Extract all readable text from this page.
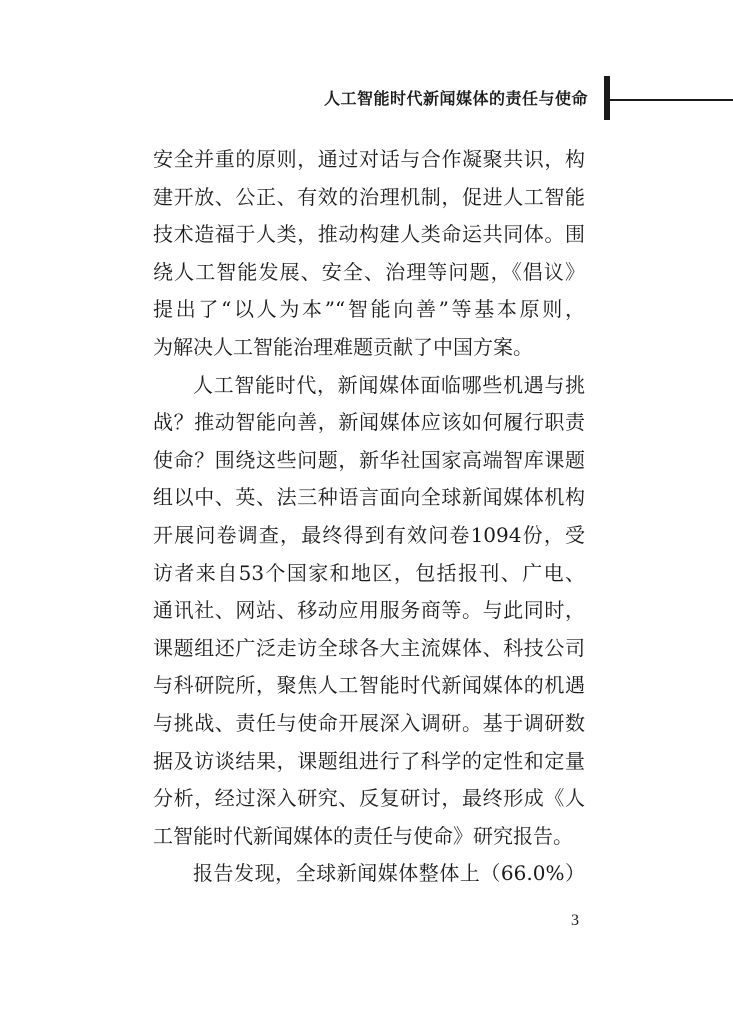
人工智能时代新闻媒体的责任与使命
安全并重的原则，通过对话与合作凝聚共识，构
建开放、公正、有效的治理机制，促进人工智能
技术造福于人类，推动构建人类命运共同体。围
绕人工智能发展、安全、治理等问题，《倡议》
提出了“以人为本”“智能向善”等基本原则，
为解决人工智能治理难题贡献了中国方案。
人工智能时代，新闻媒体面临哪些机遇与挑
战？推动智能向善，新闻媒体应该如何履行职责
使命？围绕这些问题，新华社国家高端智库课题
组以中、英、法三种语言面向全球新闻媒体机构
开展问卷调查，最终得到有效问卷1094份，受
访者来自53个国家和地区，包括报刊、广电、
通讯社、网站、移动应用服务商等。与此同时，
课题组还广泛走访全球各大主流媒体、科技公司
与科研院所，聚焦人工智能时代新闻媒体的机遇
与挑战、责任与使命开展深入调研。基于调研数
据及访谈结果，课题组进行了科学的定性和定量
分析，经过深入研究、反复研讨，最终形成《人
工智能时代新闻媒体的责任与使命》研究报告。
报告发现，全球新闻媒体整体上（66.0%）
3
